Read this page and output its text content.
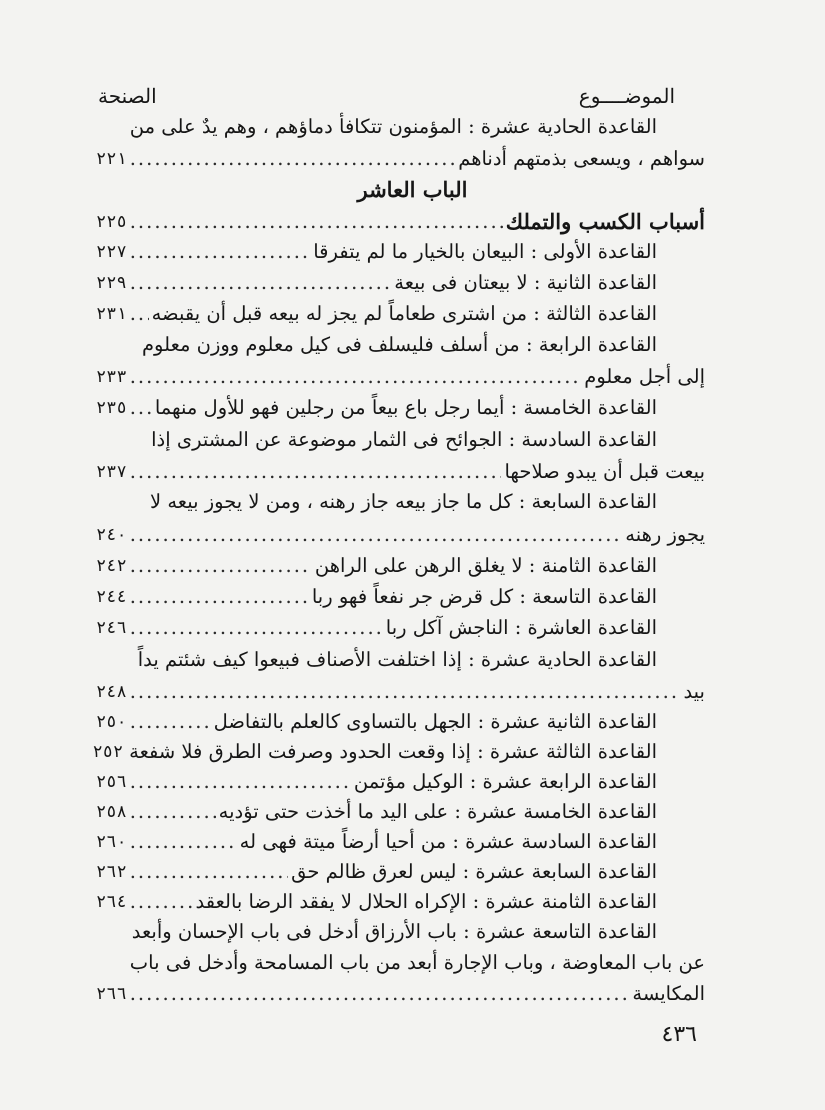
الموضــــوع
الصنحة
القاعدة الحادية عشرة : المؤمنون تتكافأ دماؤهم ، وهم يدٌ على من
سواهم ، ويسعى بذمتهم أدناهم
.....
٢٢١
الباب العاشر
أسباب الكسب والتملك
.....
٢٢٥
القاعدة الأولى : البيعان بالخيار ما لم يتفرقا
.....
٢٢٧
القاعدة الثانية : لا بيعتان فى بيعة
.....
٢٢٩
القاعدة الثالثة : من اشترى طعاماً لم يجز له بيعه قبل أن يقبضه
.....
٢٣١
القاعدة الرابعة : من أسلف فليسلف فى كيل معلوم ووزن معلوم
إلى أجل معلوم
.....
٢٣٣
القاعدة الخامسة : أيما رجل باع بيعاً من رجلين فهو للأول منهما
.....
٢٣٥
القاعدة السادسة : الجوائح فى الثمار موضوعة عن المشترى إذا
بيعت قبل أن يبدو صلاحها
.....
٢٣٧
القاعدة السابعة : كل ما جاز بيعه جاز رهنه ، ومن لا يجوز بيعه لا
يجوز رهنه
.....
٢٤٠
القاعدة الثامنة : لا يغلق الرهن على الراهن
.....
٢٤٢
القاعدة التاسعة : كل قرض جر نفعاً فهو ربا
.....
٢٤٤
القاعدة العاشرة : الناجش آكل ربا
.....
٢٤٦
القاعدة الحادية عشرة : إذا اختلفت الأصناف فبيعوا كيف شئتم يداً
بيد
.....
٢٤٨
القاعدة الثانية عشرة : الجهل بالتساوى كالعلم بالتفاضل
.....
٢٥٠
القاعدة الثالثة عشرة : إذا وقعت الحدود وصرفت الطرق فلا شفعة
٢٥٢
القاعدة الرابعة عشرة : الوكيل مؤتمن
.....
٢٥٦
القاعدة الخامسة عشرة : على اليد ما أخذت حتى تؤديه
.....
٢٥٨
القاعدة السادسة عشرة : من أحيا أرضاً ميتة فهى له
.....
٢٦٠
القاعدة السابعة عشرة : ليس لعرق ظالم حق
.....
٢٦٢
القاعدة الثامنة عشرة : الإكراه الحلال لا يفقد الرضا بالعقد
.....
٢٦٤
القاعدة التاسعة عشرة : باب الأرزاق أدخل فى باب الإحسان وأبعد
عن باب المعاوضة ، وباب الإجارة أبعد من باب المسامحة وأدخل فى باب
المكايسة
.....
٢٦٦
٤٣٦
